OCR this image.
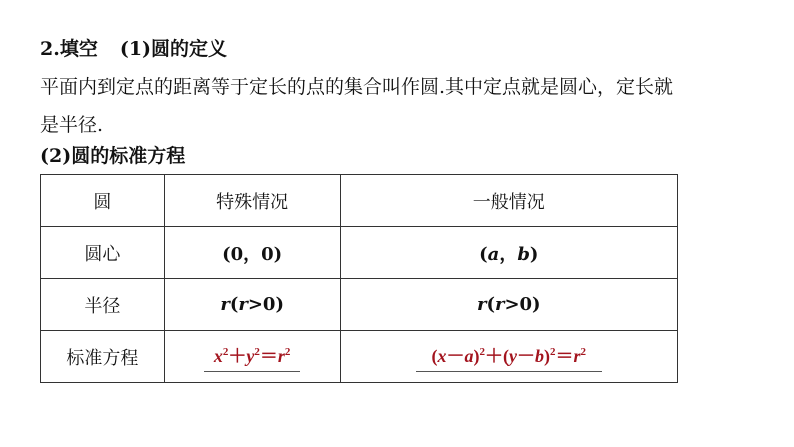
2.填空 (1)圆的定义
平面内到定点的距离等于定长的点的集合叫作圆.其中定点就是圆心，定长就
是半径.
(2)圆的标准方程
圆	特殊情况	一般情况
圆心	(0，0)	(a，b)
半径	r(r>0)	r(r>0)
标准方程	$x^2+y^2=r^2$	$(x-a)^2+(y-b)^2=r^2$
